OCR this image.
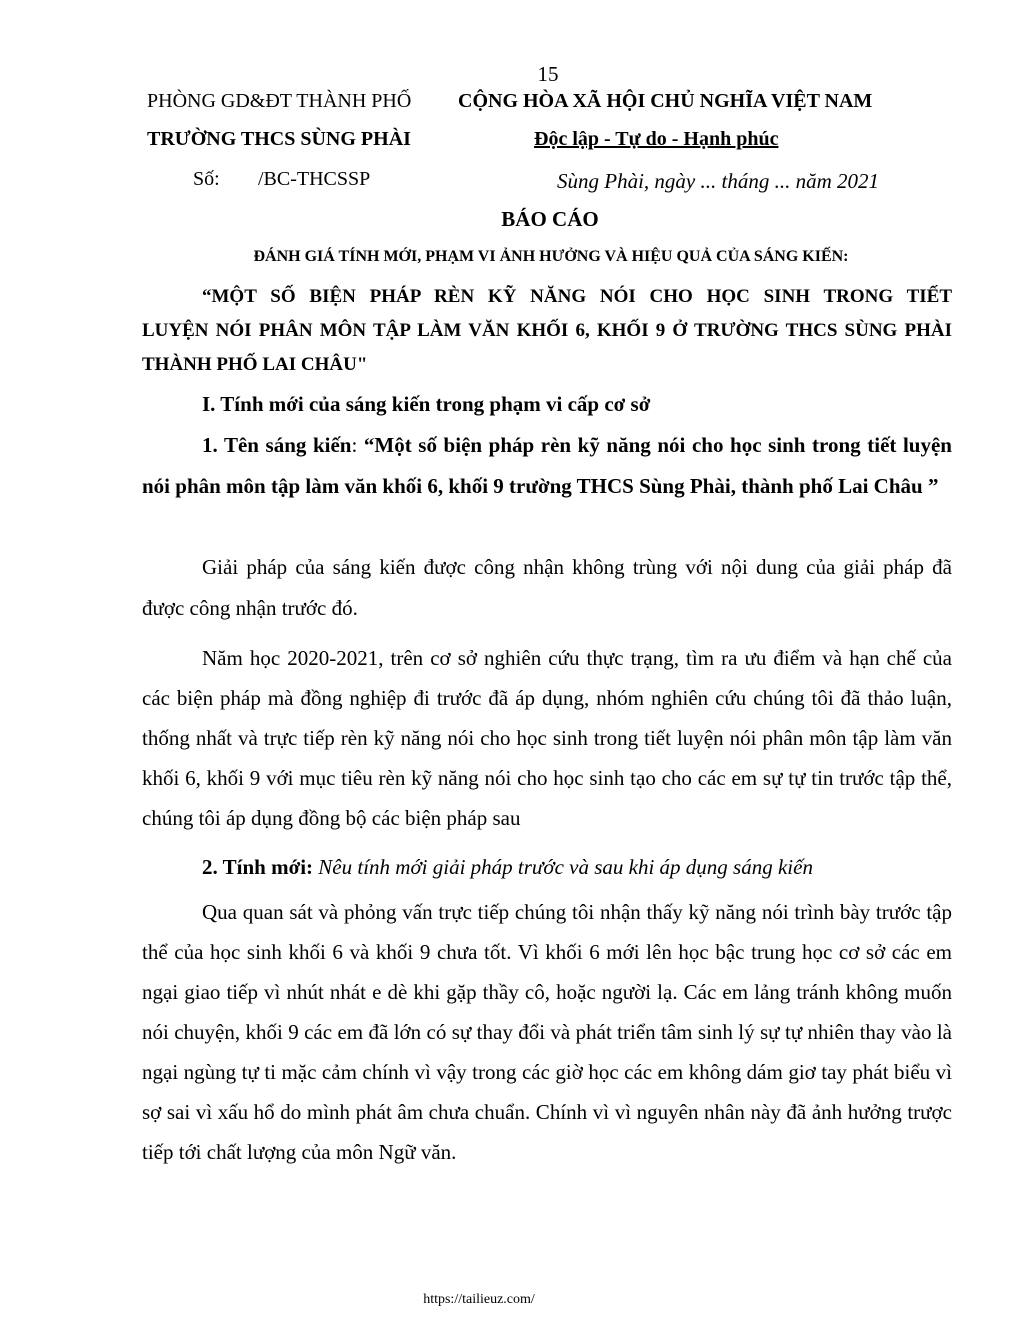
15
PHÒNG GD&ĐT THÀNH PHỐ CỘNG HÒA XÃ HỘI CHỦ NGHĨA VIỆT NAM
TRƯỜNG THCS SÙNG PHÀI	Độc lập - Tự do - Hạnh phúc
Số: /BC-THCSSP	Sùng Phài, ngày ... tháng ... năm 2021
BÁO CÁO
ĐÁNH GIÁ TÍNH MỚI, PHẠM VI ẢNH HƯỞNG VÀ HIỆU QUẢ CỦA SÁNG KIẾN:
“MỘT SỐ BIỆN PHÁP RÈN KỸ NĂNG NÓI CHO HỌC SINH TRONG TIẾT
LUYỆN NÓI PHÂN MÔN TẬP LÀM VĂN KHỐI 6, KHỐI 9 Ở TRƯỜNG THCS SÙNG PHÀI THÀNH PHỐ LAI CHÂU"
I. Tính mới của sáng kiến trong phạm vi cấp cơ sở
1. Tên sáng kiến: “Một số biện pháp rèn kỹ năng nói cho học sinh trong tiết luyện nói phân môn tập làm văn khối 6, khối 9 trường THCS Sùng Phài, thành phố Lai Châu ”
Giải pháp của sáng kiến được công nhận không trùng với nội dung của giải pháp đã được công nhận trước đó.
Năm học 2020-2021, trên cơ sở nghiên cứu thực trạng, tìm ra ưu điểm và hạn chế của các biện pháp mà đồng nghiệp đi trước đã áp dụng, nhóm nghiên cứu chúng tôi đã thảo luận, thống nhất và trực tiếp rèn kỹ năng nói cho học sinh trong tiết luyện nói phân môn tập làm văn khối 6, khối 9 với mục tiêu rèn kỹ năng nói cho học sinh tạo cho các em sự tự tin trước tập thể, chúng tôi áp dụng đồng bộ các biện pháp sau
2. Tính mới: Nêu tính mới giải pháp trước và sau khi áp dụng sáng kiến
Qua quan sát và phỏng vấn trực tiếp chúng tôi nhận thấy kỹ năng nói trình bày trước tập thể của học sinh khối 6 và khối 9 chưa tốt. Vì khối 6 mới lên học bậc trung học cơ sở các em ngại giao tiếp vì nhút nhát e dè khi gặp thầy cô, hoặc người lạ. Các em lảng tránh không muốn nói chuyện, khối 9 các em đã lớn có sự thay đổi và phát triển tâm sinh lý sự tự nhiên thay vào là ngại ngùng tự ti mặc cảm chính vì vậy trong các giờ học các em không dám giơ tay phát biểu vì sợ sai vì xấu hổ do mình phát âm chưa chuẩn. Chính vì vì nguyên nhân này đã ảnh hưởng trược tiếp tới chất lượng của môn Ngữ văn.
https://tailieuz.com/
